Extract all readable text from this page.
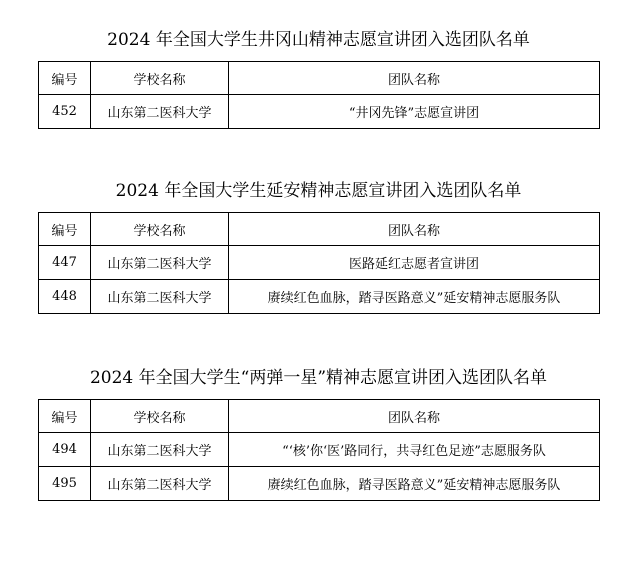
2024 年全国大学生井冈山精神志愿宣讲团入选团队名单
编号	学校名称	团队名称
452	山东第二医科大学	“井冈先锋”志愿宣讲团
2024 年全国大学生延安精神志愿宣讲团入选团队名单
编号	学校名称	团队名称
447	山东第二医科大学	医路延红志愿者宣讲团
448	山东第二医科大学	赓续红色血脉，踏寻医路意义”延安精神志愿服务队
2024 年全国大学生“两弹一星”精神志愿宣讲团入选团队名单
编号	学校名称	团队名称
494	山东第二医科大学	“‘核’你‘医’路同行，共寻红色足迹”志愿服务队
495	山东第二医科大学	赓续红色血脉，踏寻医路意义”延安精神志愿服务队
